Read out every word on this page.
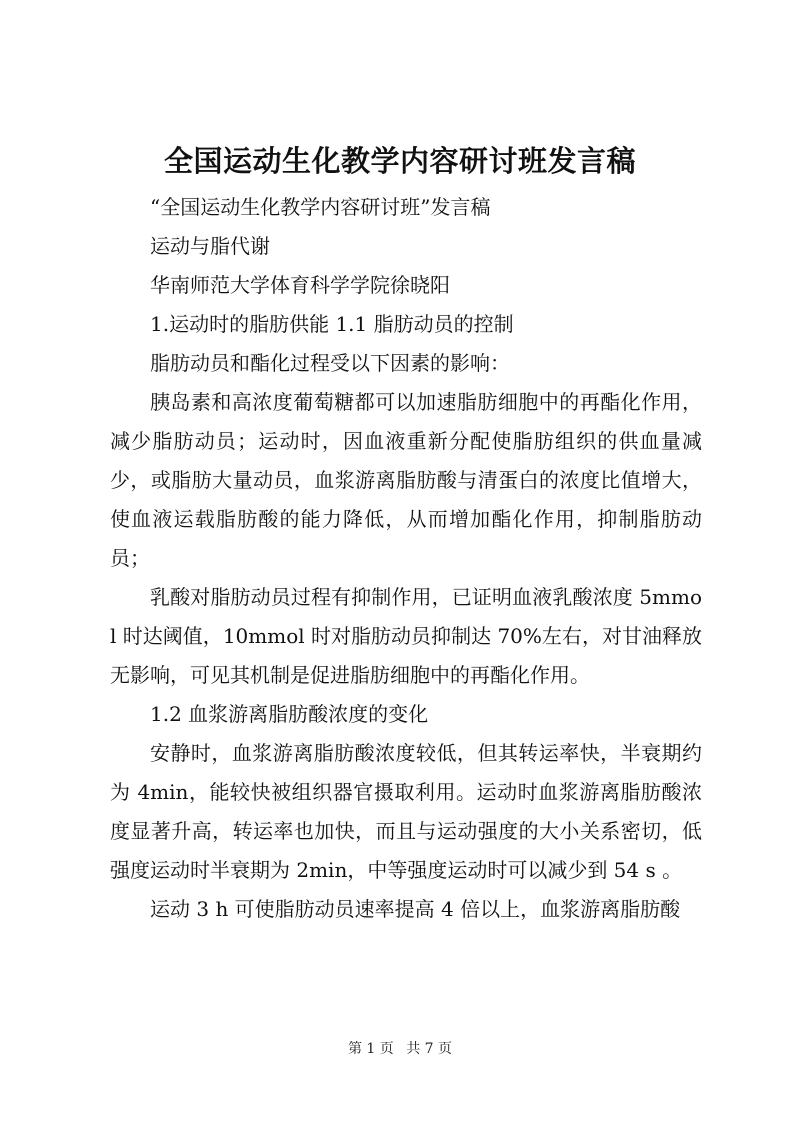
全国运动生化教学内容研讨班发言稿

“全国运动生化教学内容研讨班”发言稿

运动与脂代谢

华南师范大学体育科学学院徐晓阳

1.运动时的脂肪供能 1.1 脂肪动员的控制

脂肪动员和酯化过程受以下因素的影响：

胰岛素和高浓度葡萄糖都可以加速脂肪细胞中的再酯化作用，减少脂肪动员；运动时，因血液重新分配使脂肪组织的供血量减少，或脂肪大量动员，血浆游离脂肪酸与清蛋白的浓度比值增大，使血液运载脂肪酸的能力降低，从而增加酯化作用，抑制脂肪动员；

乳酸对脂肪动员过程有抑制作用，已证明血液乳酸浓度 5mmol 时达阈值，10mmol 时对脂肪动员抑制达 70%左右，对甘油释放无影响，可见其机制是促进脂肪细胞中的再酯化作用。

1.2 血浆游离脂肪酸浓度的变化

安静时，血浆游离脂肪酸浓度较低，但其转运率快，半衰期约为 4min，能较快被组织器官摄取利用。运动时血浆游离脂肪酸浓度显著升高，转运率也加快，而且与运动强度的大小关系密切，低强度运动时半衰期为 2min，中等强度运动时可以减少到 54 s 。

运动 3 h 可使脂肪动员速率提高 4 倍以上，血浆游离脂肪酸

第 1 页 共 7 页
